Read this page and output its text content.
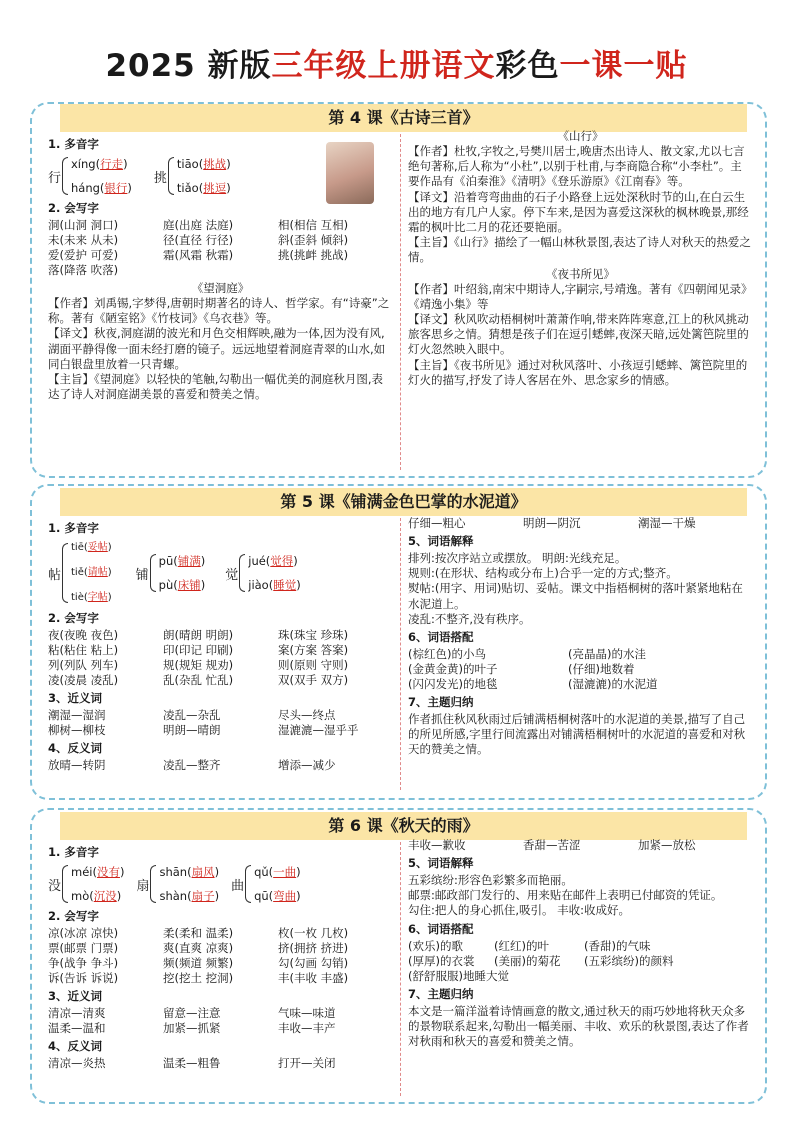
2025 新版三年级上册语文彩色一课一贴
第 4 课《古诗三首》
1. 多音字
行
xíng(行走)
háng(银行)
挑
tiāo(挑战)
tiǎo(挑逗)
2. 会写字
洞(山洞 洞口)	庭(出庭 法庭)	相(相信 互相)
未(未来 从未)	径(直径 行径)	斜(歪斜 倾斜)
爱(爱护 可爱)	霜(风霜 秋霜)	挑(挑衅 挑战)
落(降落 吹落)
《望洞庭》

【作者】刘禹锡,字梦得,唐朝时期著名的诗人、哲学家。有“诗豪”之称。著有《陋室铭》《竹枝词》《乌衣巷》等。

【译文】秋夜,洞庭湖的波光和月色交相辉映,融为一体,因为没有风,湖面平静得像一面未经打磨的镜子。远远地望着洞庭青翠的山水,如同白银盘里放着一只青螺。

【主旨】《望洞庭》以轻快的笔触,勾勒出一幅优美的洞庭秋月图,表达了诗人对洞庭湖美景的喜爱和赞美之情。

《山行》

【作者】杜牧,字牧之,号樊川居士,晚唐杰出诗人、散文家,尤以七言绝句著称,后人称为“小杜”,以别于杜甫,与李商隐合称“小李杜”。主要作品有《泊秦淮》《清明》《登乐游原》《江南春》等。

【译文】沿着弯弯曲曲的石子小路登上远处深秋时节的山,在白云生出的地方有几户人家。停下车来,是因为喜爱这深秋的枫林晚景,那经霜的枫叶比二月的花还要艳丽。

【主旨】《山行》描绘了一幅山林秋景图,表达了诗人对秋天的热爱之情。

《夜书所见》

【作者】叶绍翁,南宋中期诗人,字嗣宗,号靖逸。著有《四朝闻见录》《靖逸小集》等

【译文】秋风吹动梧桐树叶萧萧作响,带来阵阵寒意,江上的秋风挑动旅客思乡之情。猜想是孩子们在逗引蟋蟀,夜深天暗,远处篱笆院里的灯火忽然映入眼中。

【主旨】《夜书所见》通过对秋风落叶、小孩逗引蟋蟀、篱笆院里的灯火的描写,抒发了诗人客居在外、思念家乡的情感。

第 5 课《铺满金色巴掌的水泥道》
1. 多音字
帖
tiē(妥帖)
tiě(请帖)
tiè(字帖)
铺
pū(铺满)
pù(床铺)
觉
jué(觉得)
jiào(睡觉)
2. 会写字
夜(夜晚 夜色)	朗(晴朗 明朗)	珠(珠宝 珍珠)
粘(粘住 粘上)	印(印记 印刷)	案(方案 答案)
列(列队 列车)	规(规矩 规劝)	则(原则 守则)
凌(凌晨 凌乱)	乱(杂乱 忙乱)	双(双手 双方)
3、近义词
潮湿—湿润	凌乱—杂乱	尽头—终点
柳树—柳枝	明朗—晴朗	湿漉漉—湿乎乎
4、反义词
放晴—转阴	凌乱—整齐	增添—减少
仔细—粗心	明朗—阴沉	潮湿—干燥
5、词语解释

排列:按次序站立或摆放。 明朗:光线充足。

规则:(在形状、结构或分布上)合乎一定的方式;整齐。

熨帖:(用字、用词)贴切、妥帖。课文中指梧桐树的落叶紧紧地粘在水泥道上。

凌乱:不整齐,没有秩序。

6、词语搭配
(棕红色)的小鸟	(亮晶晶)的水洼
(金黄金黄)的叶子	(仔细)地数着
(闪闪发光)的地毯	(湿漉漉)的水泥道
7、主题归纳

作者抓住秋风秋雨过后铺满梧桐树落叶的水泥道的美景,描写了自己的所见所感,字里行间流露出对铺满梧桐树叶的水泥道的喜爱和对秋天的赞美之情。

第 6 课《秋天的雨》
1. 多音字
没
méi(没有)
mò(沉没)
扇
shān(扇风)
shàn(扇子)
曲
qǔ(一曲)
qū(弯曲)
2. 会写字
凉(冰凉 凉快)	柔(柔和 温柔)	枚(一枚 几枚)
票(邮票 门票)	爽(直爽 凉爽)	挤(拥挤 挤进)
争(战争 争斗)	频(频道 频繁)	勾(勾画 勾销)
诉(告诉 诉说)	挖(挖土 挖洞)	丰(丰收 丰盛)
3、近义词
清凉—清爽	留意—注意	气味—味道
温柔—温和	加紧—抓紧	丰收—丰产
4、反义词
清凉—炎热	温柔—粗鲁	打开—关闭
丰收—歉收	香甜—苦涩	加紧—放松
5、词语解释

五彩缤纷:形容色彩繁多而艳丽。

邮票:邮政部门发行的、用来贴在邮件上表明已付邮资的凭证。

勾住:把人的身心抓住,吸引。 丰收:收成好。

6、词语搭配
(欢乐)的歌	(红红)的叶	(香甜)的气味
(厚厚)的衣裳	(美丽)的菊花	(五彩缤纷)的颜料
(舒舒服服)地睡大觉
7、主题归纳

本文是一篇洋溢着诗情画意的散文,通过秋天的雨巧妙地将秋天众多的景物联系起来,勾勒出一幅美丽、丰收、欢乐的秋景图,表达了作者对秋雨和秋天的喜爱和赞美之情。
